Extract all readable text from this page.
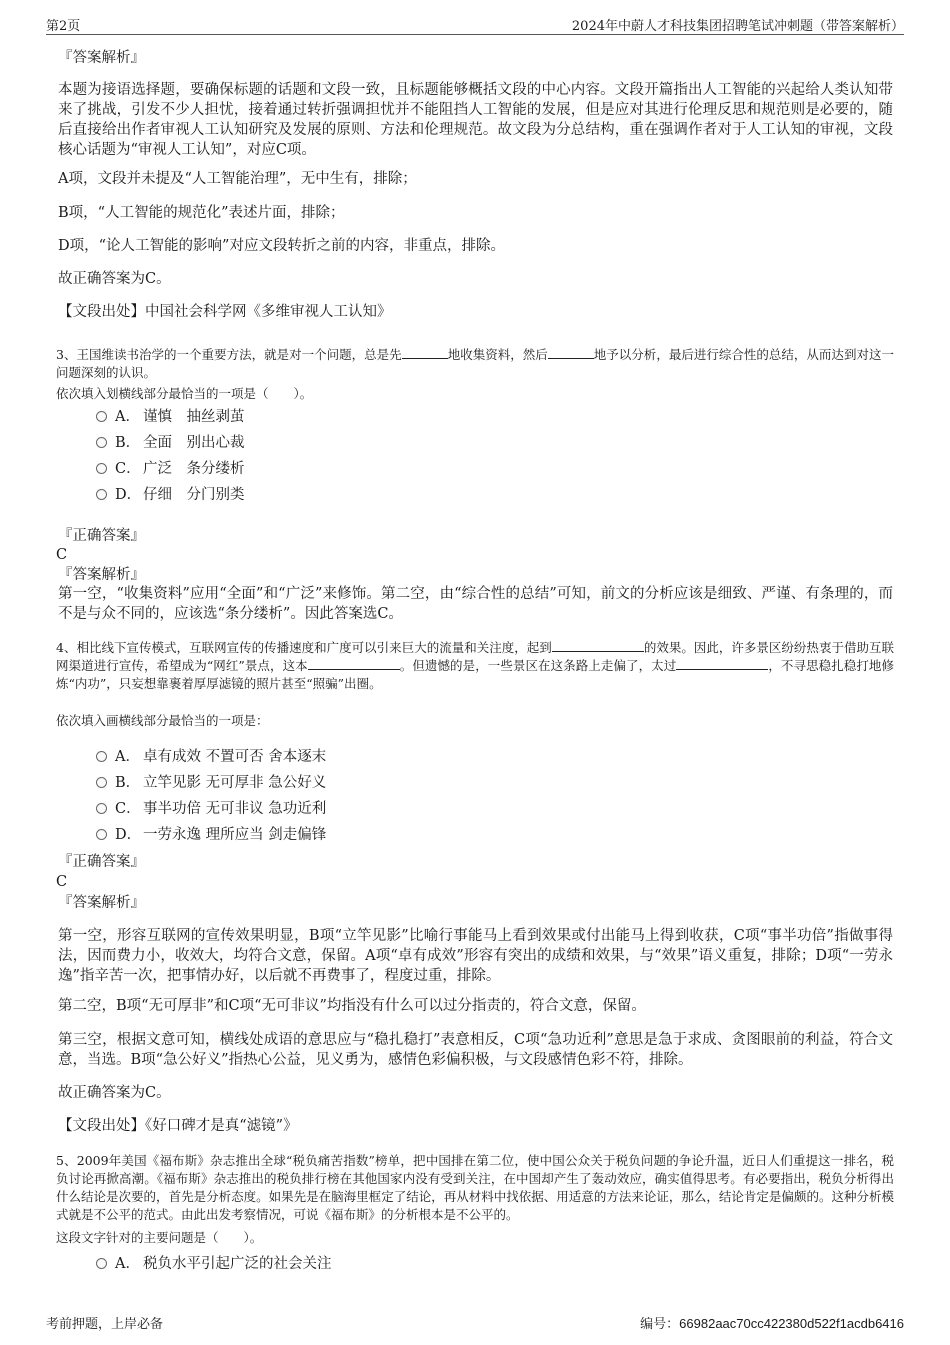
第2页	2024年中蔚人才科技集团招聘笔试冲刺题（带答案解析）

『答案解析』

本题为接语选择题，要确保标题的话题和文段一致，且标题能够概括文段的中心内容。文段开篇指出人工智能的兴起给人类认知带来了挑战，引发不少人担忧，接着通过转折强调担忧并不能阻挡人工智能的发展，但是应对其进行伦理反思和规范则是必要的，随后直接给出作者审视人工认知研究及发展的原则、方法和伦理规范。故文段为分总结构，重在强调作者对于人工认知的审视，文段核心话题为“审视人工认知”，对应C项。

A项，文段并未提及“人工智能治理”，无中生有，排除；

B项，“人工智能的规范化”表述片面，排除；

D项，“论人工智能的影响”对应文段转折之前的内容，非重点，排除。

故正确答案为C。

【文段出处】中国社会科学网《多维审视人工认知》

3、王国维读书治学的一个重要方法，就是对一个问题，总是先	地收集资料，然后	地予以分析，最后进行综合性的总结，从而达到对这一问题深刻的认识。

依次填入划横线部分最恰当的一项是（　　）。

A． 谨慎　抽丝剥茧
B． 全面　别出心裁
C． 广泛　条分缕析
D． 仔细　分门别类

『正确答案』

C

『答案解析』

第一空，“收集资料”应用“全面”和“广泛”来修饰。第二空，由“综合性的总结”可知，前文的分析应该是细致、严谨、有条理的，而不是与众不同的，应该选“条分缕析”。因此答案选C。

4、相比线下宣传模式，互联网宣传的传播速度和广度可以引来巨大的流量和关注度，起到	的效果。因此，许多景区纷纷热衷于借助互联网渠道进行宣传，希望成为“网红”景点，这本	。但遗憾的是，一些景区在这条路上走偏了，太过	，不寻思稳扎稳打地修炼“内功”，只妄想靠裹着厚厚滤镜的照片甚至“照骗”出圈。

依次填入画横线部分最恰当的一项是：

A． 卓有成效 不置可否 舍本逐末
B． 立竿见影 无可厚非 急公好义
C． 事半功倍 无可非议 急功近利
D． 一劳永逸 理所应当 剑走偏锋

『正确答案』

C

『答案解析』

第一空，形容互联网的宣传效果明显，B项“立竿见影”比喻行事能马上看到效果或付出能马上得到收获，C项“事半功倍”指做事得法，因而费力小，收效大，均符合文意，保留。A项“卓有成效”形容有突出的成绩和效果，与“效果”语义重复，排除；D项“一劳永逸”指辛苦一次，把事情办好，以后就不再费事了，程度过重，排除。

第二空，B项“无可厚非”和C项“无可非议”均指没有什么可以过分指责的，符合文意，保留。

第三空，根据文意可知，横线处成语的意思应与“稳扎稳打”表意相反，C项“急功近利”意思是急于求成、贪图眼前的利益，符合文意，当选。B项“急公好义”指热心公益，见义勇为，感情色彩偏积极，与文段感情色彩不符，排除。

故正确答案为C。

【文段出处】《好口碑才是真“滤镜”》

5、2009年美国《福布斯》杂志推出全球“税负痛苦指数”榜单，把中国排在第二位，使中国公众关于税负问题的争论升温，近日人们重提这一排名，税负讨论再掀高潮。《福布斯》杂志推出的税负排行榜在其他国家内没有受到关注，在中国却产生了轰动效应，确实值得思考。有必要指出，税负分析得出什么结论是次要的，首先是分析态度。如果先是在脑海里框定了结论，再从材料中找依据、用适意的方法来论证，那么，结论肯定是偏颇的。这种分析模式就是不公平的范式。由此出发考察情况，可说《福布斯》的分析根本是不公平的。

这段文字针对的主要问题是（　　）。

A． 税负水平引起广泛的社会关注
考前押题，上岸必备	编号：66982aac70cc422380d522f1acdb6416
